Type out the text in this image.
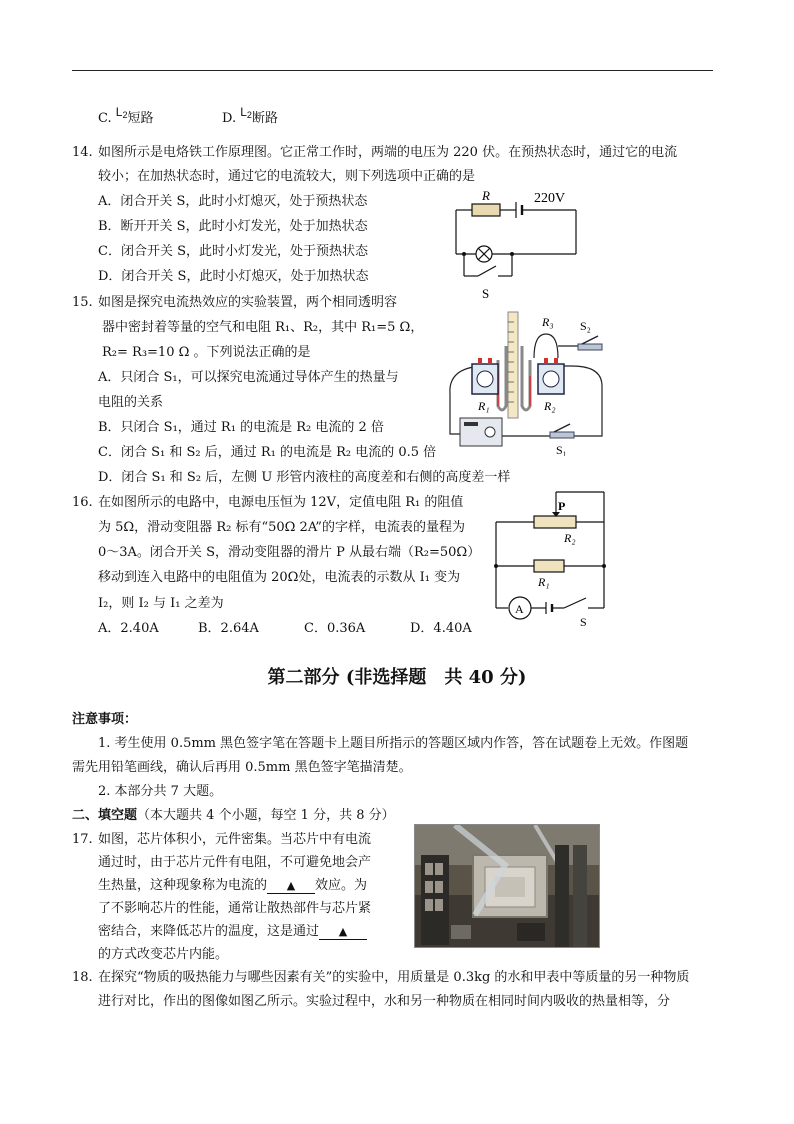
C. $L_2$短路	D. $L_2$断路
14. 如图所示是电烙铁工作原理图。它正常工作时，两端的电压为 220 伏。在预热状态时，通过它的电流
较小；在加热状态时，通过它的电流较大，则下列选项中正确的是
A．闭合开关 S，此时小灯熄灭，处于预热状态
B．断开开关 S，此时小灯发光，处于加热状态
C．闭合开关 S，此时小灯发光，处于预热状态
D．闭合开关 S，此时小灯熄灭，处于加热状态
R	220V
S
15. 如图是探究电流热效应的实验装置，两个相同透明容
器中密封着等量的空气和电阻 R₁、R₂，其中 R₁=5 Ω，
R₂= R₃=10 Ω 。下列说法正确的是
A．只闭合 S₁，可以探究电流通过导体产生的热量与
电阻的关系
B．只闭合 S₁，通过 R₁ 的电流是 R₂ 电流的 2 倍
C．闭合 S₁ 和 S₂ 后，通过 R₁ 的电流是 R₂ 电流的 0.5 倍
D．闭合 S₁ 和 S₂ 后，左侧 U 形管内液柱的高度差和右侧的高度差一样
R₁	R₂
R₃ S₂
S₁
16. 在如图所示的电路中，电源电压恒为 12V，定值电阻 R₁ 的阻值
为 5Ω，滑动变阻器 R₂ 标有“50Ω 2A”的字样，电流表的量程为
0～3A。闭合开关 S，滑动变阻器的滑片 P 从最右端（R₂=50Ω）
移动到连入电路中的电阻值为 20Ω处，电流表的示数从 I₁ 变为
I₂，则 I₂ 与 I₁ 之差为
A．2.40A	B．2.64A	C．0.36A	D．4.40A
P
R₂
R₁
A
S
第二部分 (非选择题　共 40 分)
注意事项：
1. 考生使用 0.5mm 黑色签字笔在答题卡上题目所指示的答题区域内作答，答在试题卷上无效。作图题
需先用铅笔画线，确认后再用 0.5mm 黑色签字笔描清楚。
2. 本部分共 7 大题。
二、填空题（本大题共 4 个小题，每空 1 分，共 8 分）
17. 如图，芯片体积小，元件密集。当芯片中有电流
通过时，由于芯片元件有电阻，不可避免地会产
生热量，这种现象称为电流的 ▲ 效应。为
了不影响芯片的性能，通常让散热部件与芯片紧
密结合，来降低芯片的温度，这是通过 ▲
的方式改变芯片内能。
18. 在探究“物质的吸热能力与哪些因素有关”的实验中，用质量是 0.3kg 的水和甲表中等质量的另一种物质
进行对比，作出的图像如图乙所示。实验过程中，水和另一种物质在相同时间内吸收的热量相等，分
